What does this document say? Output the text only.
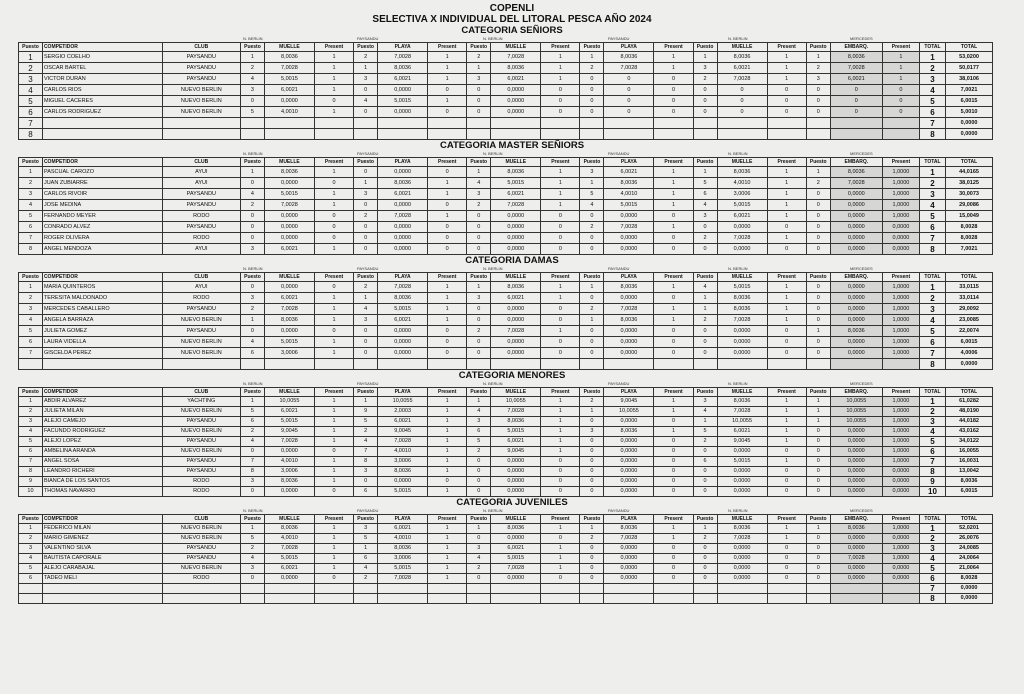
COPENLI
SELECTIVA X INDIVIDUAL DEL LITORAL PESCA AÑO 2024
CATEGORIA SEÑIORS
N. BERLIN	PAYSANDU	N. BERLIN	PAYSANDU	N. BERLIN	MERCEDES
Puesto	COMPETIDOR	CLUB	Puesto	MUELLE	Present	Puesto	PLAYA	Present	Puesto	MUELLE	Present	Puesto	PLAYA	Present	Puesto	MUELLE	Present	Puesto	EMBARQ.	Present	TOTAL	TOTAL
1	SERGIO COELHO	PAYSANDU	1	8,0036	1	2	7,0028	1	2	7,0028	1	1	8,0036	1	1	8,0036	1	1	8,0036	1	1	53,0200
2	OSCAR BARTEL	PAYSANDU	2	7,0028	1	1	8,0036	1	1	8,0036	1	2	7,0028	1	3	6,0021	1	2	7,0028	1	2	50,0177
3	VICTOR DURAN	PAYSANDU	4	5,0015	1	3	6,0021	1	3	6,0021	1	0	0	0	2	7,0028	1	3	6,0021	1	3	38,0106
4	CARLOS RIOS	NUEVO BERLIN	3	6,0021	1	0	0,0000	0	0	0,0000	0	0	0	0	0	0	0	0	0	0	4	7,0021
5	MIGUEL CACERES	NUEVO BERLIN	0	0,0000	0	4	5,0015	1	0	0,0000	0	0	0	0	0	0	0	0	0	0	5	6,0015
6	CARLOS RODRIGUEZ	NUEVO BERLIN	5	4,0010	1	0	0,0000	0	0	0,0000	0	0	0	0	0	0	0	0	0	0	6	5,0010
7																					7	0,0000
8																					8	0,0000
CATEGORIA MASTER SEÑIORS
N. BERLIN	PAYSANDU	N. BERLIN	PAYSANDU	N. BERLIN	MERCEDES
Puesto	COMPETIDOR	CLUB	Puesto	MUELLE	Present	Puesto	PLAYA	Present	Puesto	MUELLE	Present	Puesto	PLAYA	Present	Puesto	MUELLE	Present	Puesto	EMBARQ.	Present	TOTAL	TOTAL
1	PASCUAL CAROZO	AYUI	1	8,0036	1	0	0,0000	0	1	8,0036	1	3	6,0021	1	1	8,0036	1	1	8,0036	1,0000	1	44,0165
2	JUAN ZUBIARRE	AYUI	0	0,0000	0	1	8,0036	1	4	5,0015	1	1	8,0036	1	5	4,0010	1	2	7,0028	1,0000	2	38,0125
3	CARLOS RIVOIR	PAYSANDU	4	5,0015	1	3	6,0021	1	3	6,0021	1	5	4,0010	1	6	3,0006	1	0	0,0000	1,0000	3	30,0073
4	JOSE MEDINA	PAYSANDU	2	7,0028	1	0	0,0000	0	2	7,0028	1	4	5,0015	1	4	5,0015	1	0	0,0000	1,0000	4	29,0086
5	FERNANDO MEYER	RODO	0	0,0000	0	2	7,0028	1	0	0,0000	0	0	0,0000	0	3	6,0021	1	0	0,0000	1,0000	5	15,0049
6	CONRADO ALVEZ	PAYSANDU	0	0,0000	0	0	0,0000	0	0	0,0000	0	2	7,0028	1	0	0,0000	0	0	0,0000	0,0000	6	8,0028
7	ROGER OLIVERA	RODO	0	0,0000	0	0	0,0000	0	0	0,0000	0	0	0,0000	0	2	7,0028	1	0	0,0000	0,0000	7	8,0028
8	ANGEL MENDOZA	AYUI	3	6,0021	1	0	0,0000	0	0	0,0000	0	0	0,0000	0	0	0,0000	0	0	0,0000	0,0000	8	7,0021
CATEGORIA DAMAS
N. BERLIN	PAYSANDU	N. BERLIN	PAYSANDU	N. BERLIN	MERCEDES
Puesto	COMPETIDOR	CLUB	Puesto	MUELLE	Present	Puesto	PLAYA	Present	Puesto	MUELLE	Present	Puesto	PLAYA	Present	Puesto	MUELLE	Present	Puesto	EMBARQ.	Present	TOTAL	TOTAL
1	MARIA QUINTEROS	AYUI	0	0,0000	0	2	7,0028	1	1	8,0036	1	1	8,0036	1	4	5,0015	1	0	0,0000	1,0000	1	33,0115
2	TERESITA MALDONADO	RODO	3	6,0021	1	1	8,0036	1	3	6,0021	1	0	0,0000	0	1	8,0036	1	0	0,0000	1,0000	2	33,0114
3	MERCEDES CABALLERO	PAYSANDU	2	7,0028	1	4	5,0015	1	0	0,0000	0	2	7,0028	1	1	8,0036	1	0	0,0000	1,0000	3	29,0092
4	ANGELA BARRAZA	NUEVO BERLIN	1	8,0036	1	3	6,0021	1	0	0,0000	0	1	8,0036	1	2	7,0028	1	0	0,0000	1,0000	4	23,0085
5	JULIETA GOMEZ	PAYSANDU	0	0,0000	0	0	0,0000	0	2	7,0028	1	0	0,0000	0	0	0,0000	0	1	8,0036	1,0000	5	22,0074
6	LAURA VIDELLA	NUEVO BERLIN	4	5,0015	1	0	0,0000	0	0	0,0000	0	0	0,0000	0	0	0,0000	0	0	0,0000	1,0000	6	6,0015
7	GISCELDA PEREZ	NUEVO BERLIN	6	3,0006	1	0	0,0000	0	0	0,0000	0	0	0,0000	0	0	0,0000	0	0	0,0000	1,0000	7	4,0006
																					8	0,0000
CATEGORIA MENORES
N. BERLIN	PAYSANDU	N. BERLIN	PAYSANDU	N. BERLIN	MERCEDES
Puesto	COMPETIDOR	CLUB	Puesto	MUELLE	Present	Puesto	PLAYA	Present	Puesto	MUELLE	Present	Puesto	PLAYA	Present	Puesto	MUELLE	Present	Puesto	EMBARQ.	Present	TOTAL	TOTAL
1	ABDIR ALVAREZ	YACHTING	1	10,0055	1	1	10,0055	1	1	10,0055	1	2	9,0045	1	3	8,0036	1	1	10,0055	1,0000	1	61,0282
2	JULIETA MILAN	NUEVO BERLIN	5	6,0021	1	9	2,0003	1	4	7,0028	1	1	10,0055	1	4	7,0028	1	1	10,0055	1,0000	2	48,0190
3	ALEJO CAMEJO	PAYSANDU	6	5,0015	1	5	6,0021	1	3	8,0036	1	0	0,0000	0	1	10,0055	1	1	10,0055	1,0000	3	44,0182
4	FACUNDO RODRIGUEZ	NUEVO BERLIN	2	9,0045	1	2	9,0045	1	6	5,0015	1	3	8,0036	1	5	6,0021	1	0	0,0000	1,0000	4	43,0162
5	ALEJO LOPEZ	PAYSANDU	4	7,0028	1	4	7,0028	1	5	6,0021	1	0	0,0000	0	2	9,0045	1	0	0,0000	1,0000	5	34,0122
6	AMBELINA ARANDA	NUEVO BERLIN	0	0,0000	0	7	4,0010	1	2	9,0045	1	0	0,0000	0	0	0,0000	0	0	0,0000	1,0000	6	16,0055
7	ANGEL SOSA	PAYSANDU	7	4,0010	1	8	3,0006	1	0	0,0000	0	0	0,0000	0	6	5,0015	1	0	0,0000	1,0000	7	16,0031
8	LEANDRO RICHERI	PAYSANDU	8	3,0006	1	3	8,0036	1	0	0,0000	0	0	0,0000	0	0	0,0000	0	0	0,0000	0,0000	8	13,0042
9	BIANCA DE LOS SANTOS	RODO	3	8,0036	1	0	0,0000	0	0	0,0000	0	0	0,0000	0	0	0,0000	0	0	0,0000	0,0000	9	8,0036
10	THOMAS NAVARRO	RODO	0	0,0000	0	6	5,0015	1	0	0,0000	0	0	0,0000	0	0	0,0000	0	0	0,0000	0,0000	10	6,0015
CATEGORIA JUVENILES
N. BERLIN	PAYSANDU	N. BERLIN	PAYSANDU	N. BERLIN	MERCEDES
Puesto	COMPETIDOR	CLUB	Puesto	MUELLE	Present	Puesto	PLAYA	Present	Puesto	MUELLE	Present	Puesto	PLAYA	Present	Puesto	MUELLE	Present	Puesto	EMBARQ.	Present	TOTAL	TOTAL
1	FEDERICO MILAN	NUEVO BERLIN	1	8,0036	1	3	6,0021	1	1	8,0036	1	1	8,0036	1	1	8,0036	1	1	8,0036	1,0000	1	52,0201
2	MARIO GIMENEZ	NUEVO BERLIN	5	4,0010	1	5	4,0010	1	0	0,0000	0	2	7,0028	1	2	7,0028	1	0	0,0000	0,0000	2	26,0076
3	VALENTINO SILVA	PAYSANDU	2	7,0028	1	1	8,0036	1	3	6,0021	1	0	0,0000	0	0	0,0000	0	0	0,0000	1,0000	3	24,0085
4	BAUTISTA CAPORALE	PAYSANDU	4	5,0015	1	6	3,0006	1	4	5,0015	1	0	0,0000	0	0	0,0000	0	0	7,0028	1,0000	4	24,0064
5	ALEJO CARABAJAL	NUEVO BERLIN	3	6,0021	1	4	5,0015	1	2	7,0028	1	0	0,0000	0	0	0,0000	0	0	0,0000	0,0000	5	21,0064
6	TADEO MELI	RODO	0	0,0000	0	2	7,0028	1	0	0,0000	0	0	0,0000	0	0	0,0000	0	0	0,0000	0,0000	6	8,0028
																					7	0,0000
																					8	0,0000
